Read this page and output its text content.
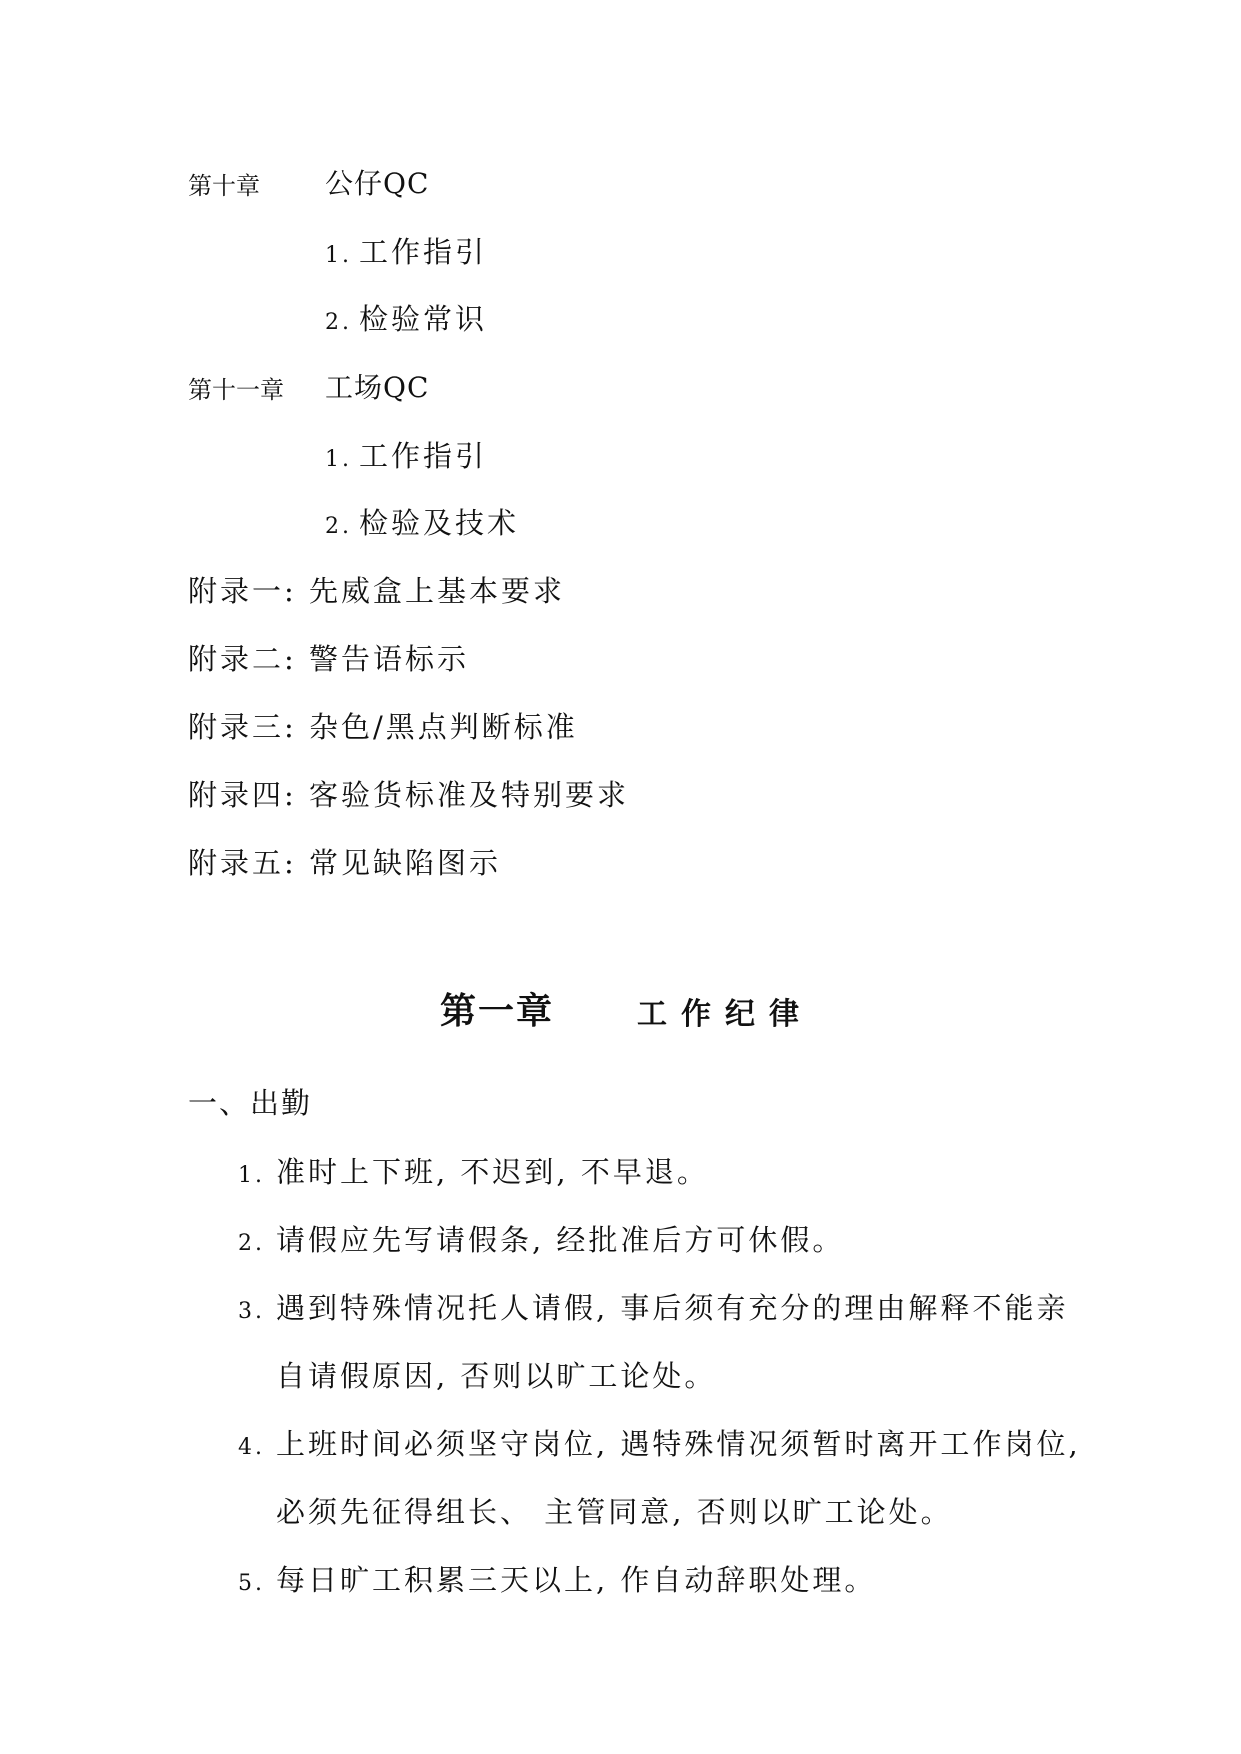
第十章 公仔QC
1. 工作指引
2. 检验常识
第十一章 工场QC
1. 工作指引
2. 检验及技术
附录一: 先威盒上基本要求
附录二: 警告语标示
附录三: 杂色/黑点判断标准
附录四: 客验货标准及特别要求
附录五: 常见缺陷图示
第一章	工作纪律
一、出勤
1. 准时上下班, 不迟到, 不早退。
2. 请假应先写请假条, 经批准后方可休假。
3. 遇到特殊情况托人请假, 事后须有充分的理由解释不能亲
自请假原因, 否则以旷工论处。
4. 上班时间必须坚守岗位, 遇特殊情况须暂时离开工作岗位,
必须先征得组长、 主管同意, 否则以旷工论处。
5. 每日旷工积累三天以上, 作自动辞职处理。
